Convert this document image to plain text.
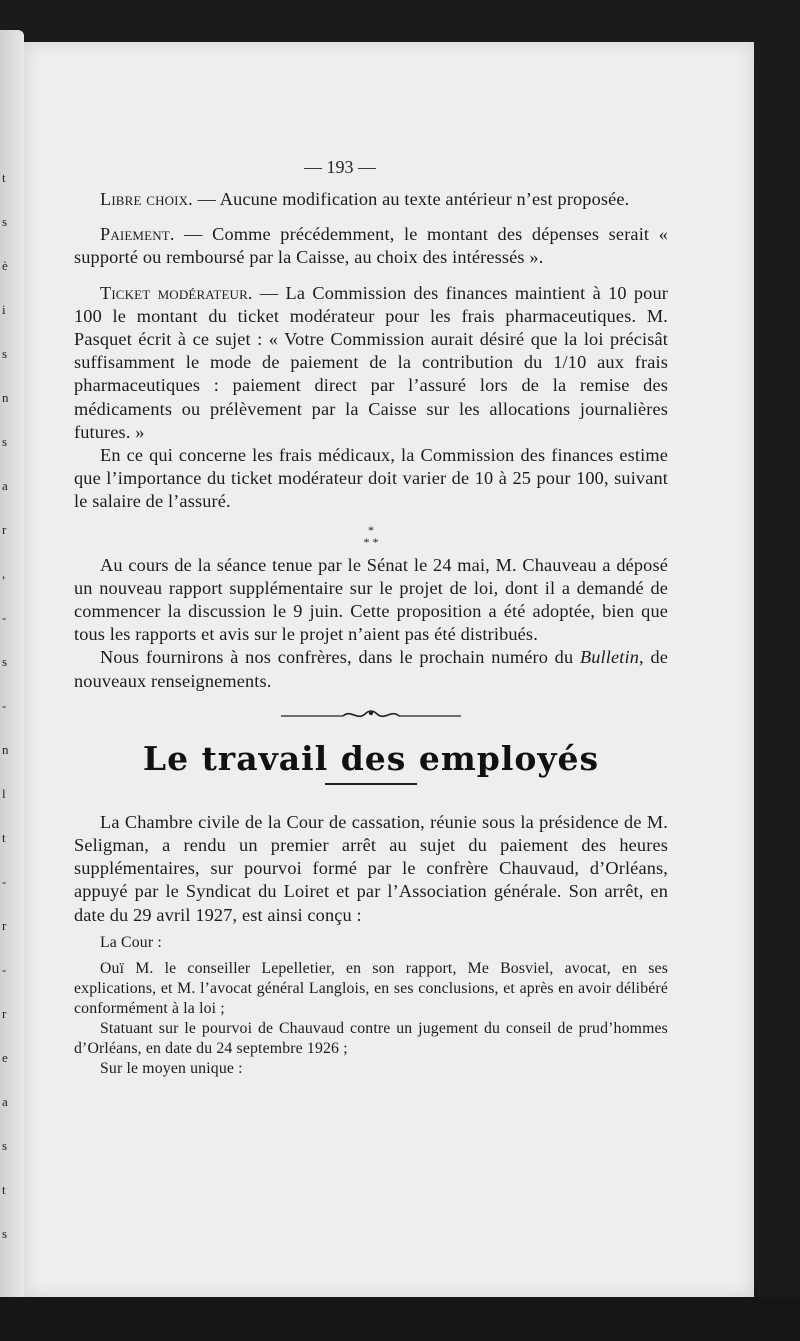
t
s
è
i
s
n
s
a
r
,
-
s
-
n
l
t
-
r
-
r
e
a
s
t
s
— 193 —

Libre choix. — Aucune modification au texte antérieur n’est proposée.

Paiement. — Comme précédemment, le montant des dépenses serait « supporté ou remboursé par la Caisse, au choix des intéressés ».

Ticket modérateur. — La Commission des finances maintient à 10 pour 100 le montant du ticket modérateur pour les frais pharmaceutiques. M. Pasquet écrit à ce sujet : « Votre Commission aurait désiré que la loi précisât suffisamment le mode de paiement de la contribution du 1/10 aux frais pharmaceutiques : paiement direct par l’assuré lors de la remise des médicaments ou prélèvement par la Caisse sur les allocations journalières futures. »

En ce qui concerne les frais médicaux, la Commission des finances estime que l’importance du ticket modérateur doit varier de 10 à 25 pour 100, suivant le salaire de l’assuré.

*
* *

Au cours de la séance tenue par le Sénat le 24 mai, M. Chauveau a déposé un nouveau rapport supplémentaire sur le projet de loi, dont il a demandé de commencer la discussion le 9 juin. Cette proposition a été adoptée, bien que tous les rapports et avis sur le projet n’aient pas été distribués.

Nous fournirons à nos confrères, dans le prochain numéro du Bulletin, de nouveaux renseignements.

Le travail des employés

La Chambre civile de la Cour de cassation, réunie sous la présidence de M. Seligman, a rendu un premier arrêt au sujet du paiement des heures supplémentaires, sur pourvoi formé par le confrère Chauvaud, d’Orléans, appuyé par le Syndicat du Loiret et par l’Association générale. Son arrêt, en date du 29 avril 1927, est ainsi conçu :

La Cour :

Ouï M. le conseiller Lepelletier, en son rapport, Me Bosviel, avocat, en ses explications, et M. l’avocat général Langlois, en ses conclusions, et après en avoir délibéré conformément à la loi ;

Statuant sur le pourvoi de Chauvaud contre un jugement du conseil de prud’hommes d’Orléans, en date du 24 septembre 1926 ;

Sur le moyen unique :
